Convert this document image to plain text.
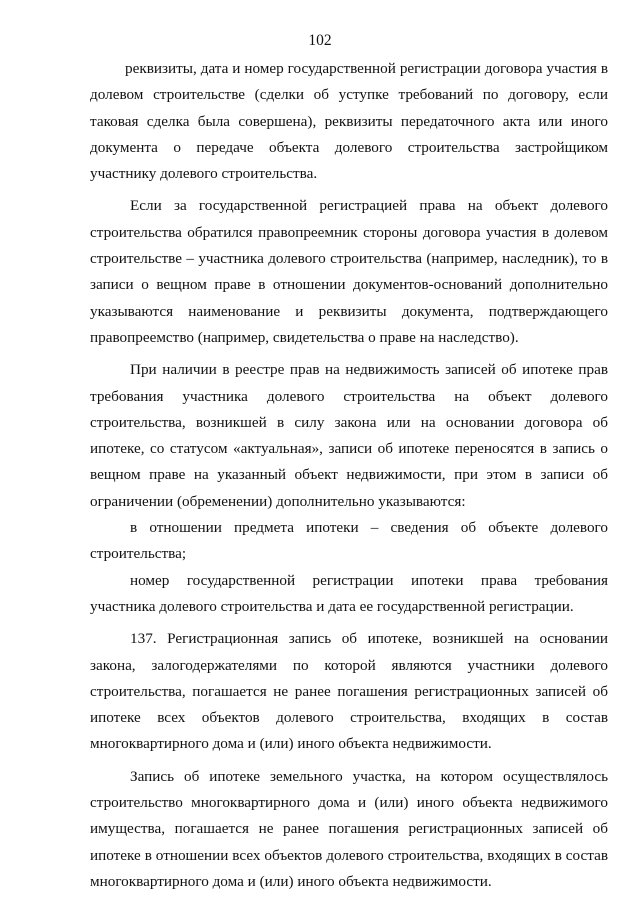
102

реквизиты, дата и номер государственной регистрации договора участия в долевом строительстве (сделки об уступке требований по договору, если таковая сделка была совершена), реквизиты передаточного акта или иного документа о передаче объекта долевого строительства застройщиком участнику долевого строительства.

Если за государственной регистрацией права на объект долевого строительства обратился правопреемник стороны договора участия в долевом строительстве – участника долевого строительства (например, наследник), то в записи о вещном праве в отношении документов-оснований дополнительно указываются наименование и реквизиты документа, подтверждающего правопреемство (например, свидетельства о праве на наследство).

При наличии в реестре прав на недвижимость записей об ипотеке прав требования участника долевого строительства на объект долевого строительства, возникшей в силу закона или на основании договора об ипотеке, со статусом «актуальная», записи об ипотеке переносятся в запись о вещном праве на указанный объект недвижимости, при этом в записи об ограничении (обременении) дополнительно указываются:

в отношении предмета ипотеки – сведения об объекте долевого строительства;

номер государственной регистрации ипотеки права требования участника долевого строительства и дата ее государственной регистрации.

137. Регистрационная запись об ипотеке, возникшей на основании закона, залогодержателями по которой являются участники долевого строительства, погашается не ранее погашения регистрационных записей об ипотеке всех объектов долевого строительства, входящих в состав многоквартирного дома и (или) иного объекта недвижимости.

Запись об ипотеке земельного участка, на котором осуществлялось строительство многоквартирного дома и (или) иного объекта недвижимого имущества, погашается не ранее погашения регистрационных записей об ипотеке в отношении всех объектов долевого строительства, входящих в состав многоквартирного дома и (или) иного объекта недвижимости.
